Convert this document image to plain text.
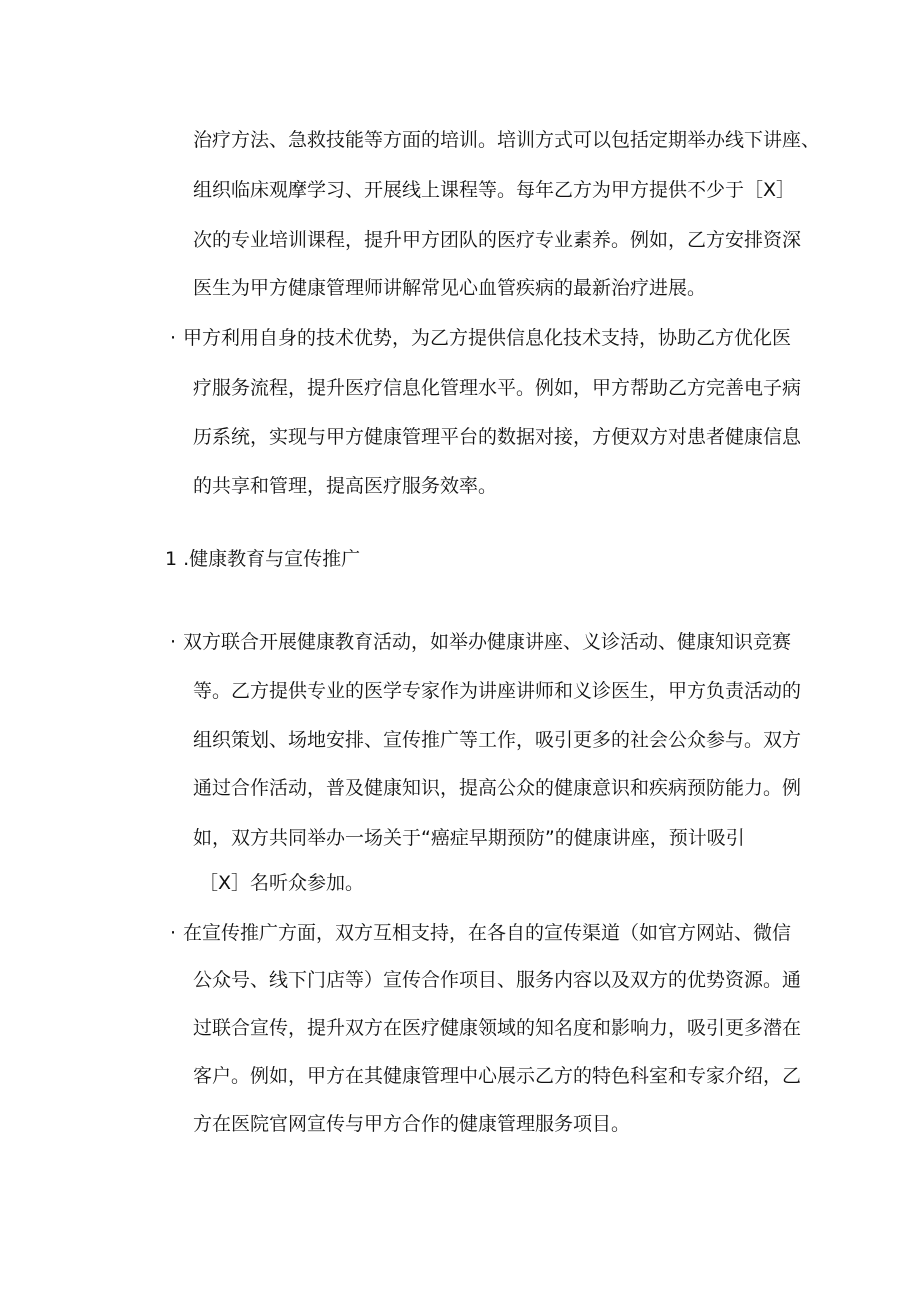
治疗方法、急救技能等方面的培训。培训方式可以包括定期举办线下讲座、
组织临床观摩学习、开展线上课程等。每年乙方为甲方提供不少于［X］
次的专业培训课程，提升甲方团队的医疗专业素养。例如，乙方安排资深
医生为甲方健康管理师讲解常见心血管疾病的最新治疗进展。
· 甲方利用自身的技术优势，为乙方提供信息化技术支持，协助乙方优化医
疗服务流程，提升医疗信息化管理水平。例如，甲方帮助乙方完善电子病
历系统，实现与甲方健康管理平台的数据对接，方便双方对患者健康信息
的共享和管理，提高医疗服务效率。
1 .健康教育与宣传推广
· 双方联合开展健康教育活动，如举办健康讲座、义诊活动、健康知识竞赛
等。乙方提供专业的医学专家作为讲座讲师和义诊医生，甲方负责活动的
组织策划、场地安排、宣传推广等工作，吸引更多的社会公众参与。双方
通过合作活动，普及健康知识，提高公众的健康意识和疾病预防能力。例
如，双方共同举办一场关于“癌症早期预防”的健康讲座，预计吸引
［X］名听众参加。
· 在宣传推广方面，双方互相支持，在各自的宣传渠道（如官方网站、微信
公众号、线下门店等）宣传合作项目、服务内容以及双方的优势资源。通
过联合宣传，提升双方在医疗健康领域的知名度和影响力，吸引更多潜在
客户。例如，甲方在其健康管理中心展示乙方的特色科室和专家介绍，乙
方在医院官网宣传与甲方合作的健康管理服务项目。
